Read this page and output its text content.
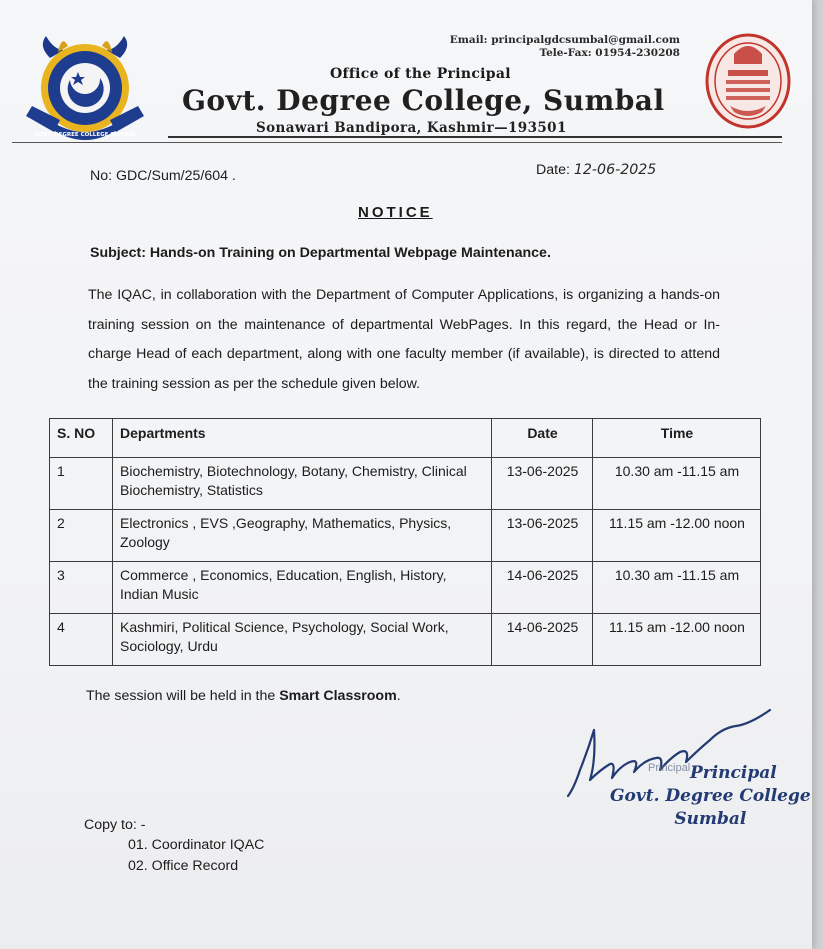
GOVT. DEGREE COLLEGE SUMBAL
Email: principalgdcsumbal@gmail.com
Tele-Fax: 01954-230208
Office of the Principal
Govt. Degree College, Sumbal
Sonawari Bandipora, Kashmir—193501
No: GDC/Sum/25/604 .	Date: 12-06-2025
NOTICE
Subject: Hands-on Training on Departmental Webpage Maintenance.
The IQAC, in collaboration with the Department of Computer Applications, is organizing a hands-on training session on the maintenance of departmental WebPages. In this regard, the Head or In-charge Head of each department, along with one faculty member (if available), is directed to attend the training session as per the schedule given below.
S. NO	Departments	Date	Time
1	Biochemistry, Biotechnology, Botany, Chemistry, Clinical Biochemistry, Statistics	13-06-2025	10.30 am -11.15 am
2	Electronics , EVS ,Geography, Mathematics, Physics, Zoology	13-06-2025	11.15 am -12.00 noon
3	Commerce , Economics, Education, English, History, Indian Music	14-06-2025	10.30 am -11.15 am
4	Kashmiri, Political Science, Psychology, Social Work, Sociology, Urdu	14-06-2025	11.15 am -12.00 noon
The session will be held in the Smart Classroom.
Principal Principal
Govt. Degree College
Sumbal
Copy to: -
01. Coordinator IQAC
02. Office Record
